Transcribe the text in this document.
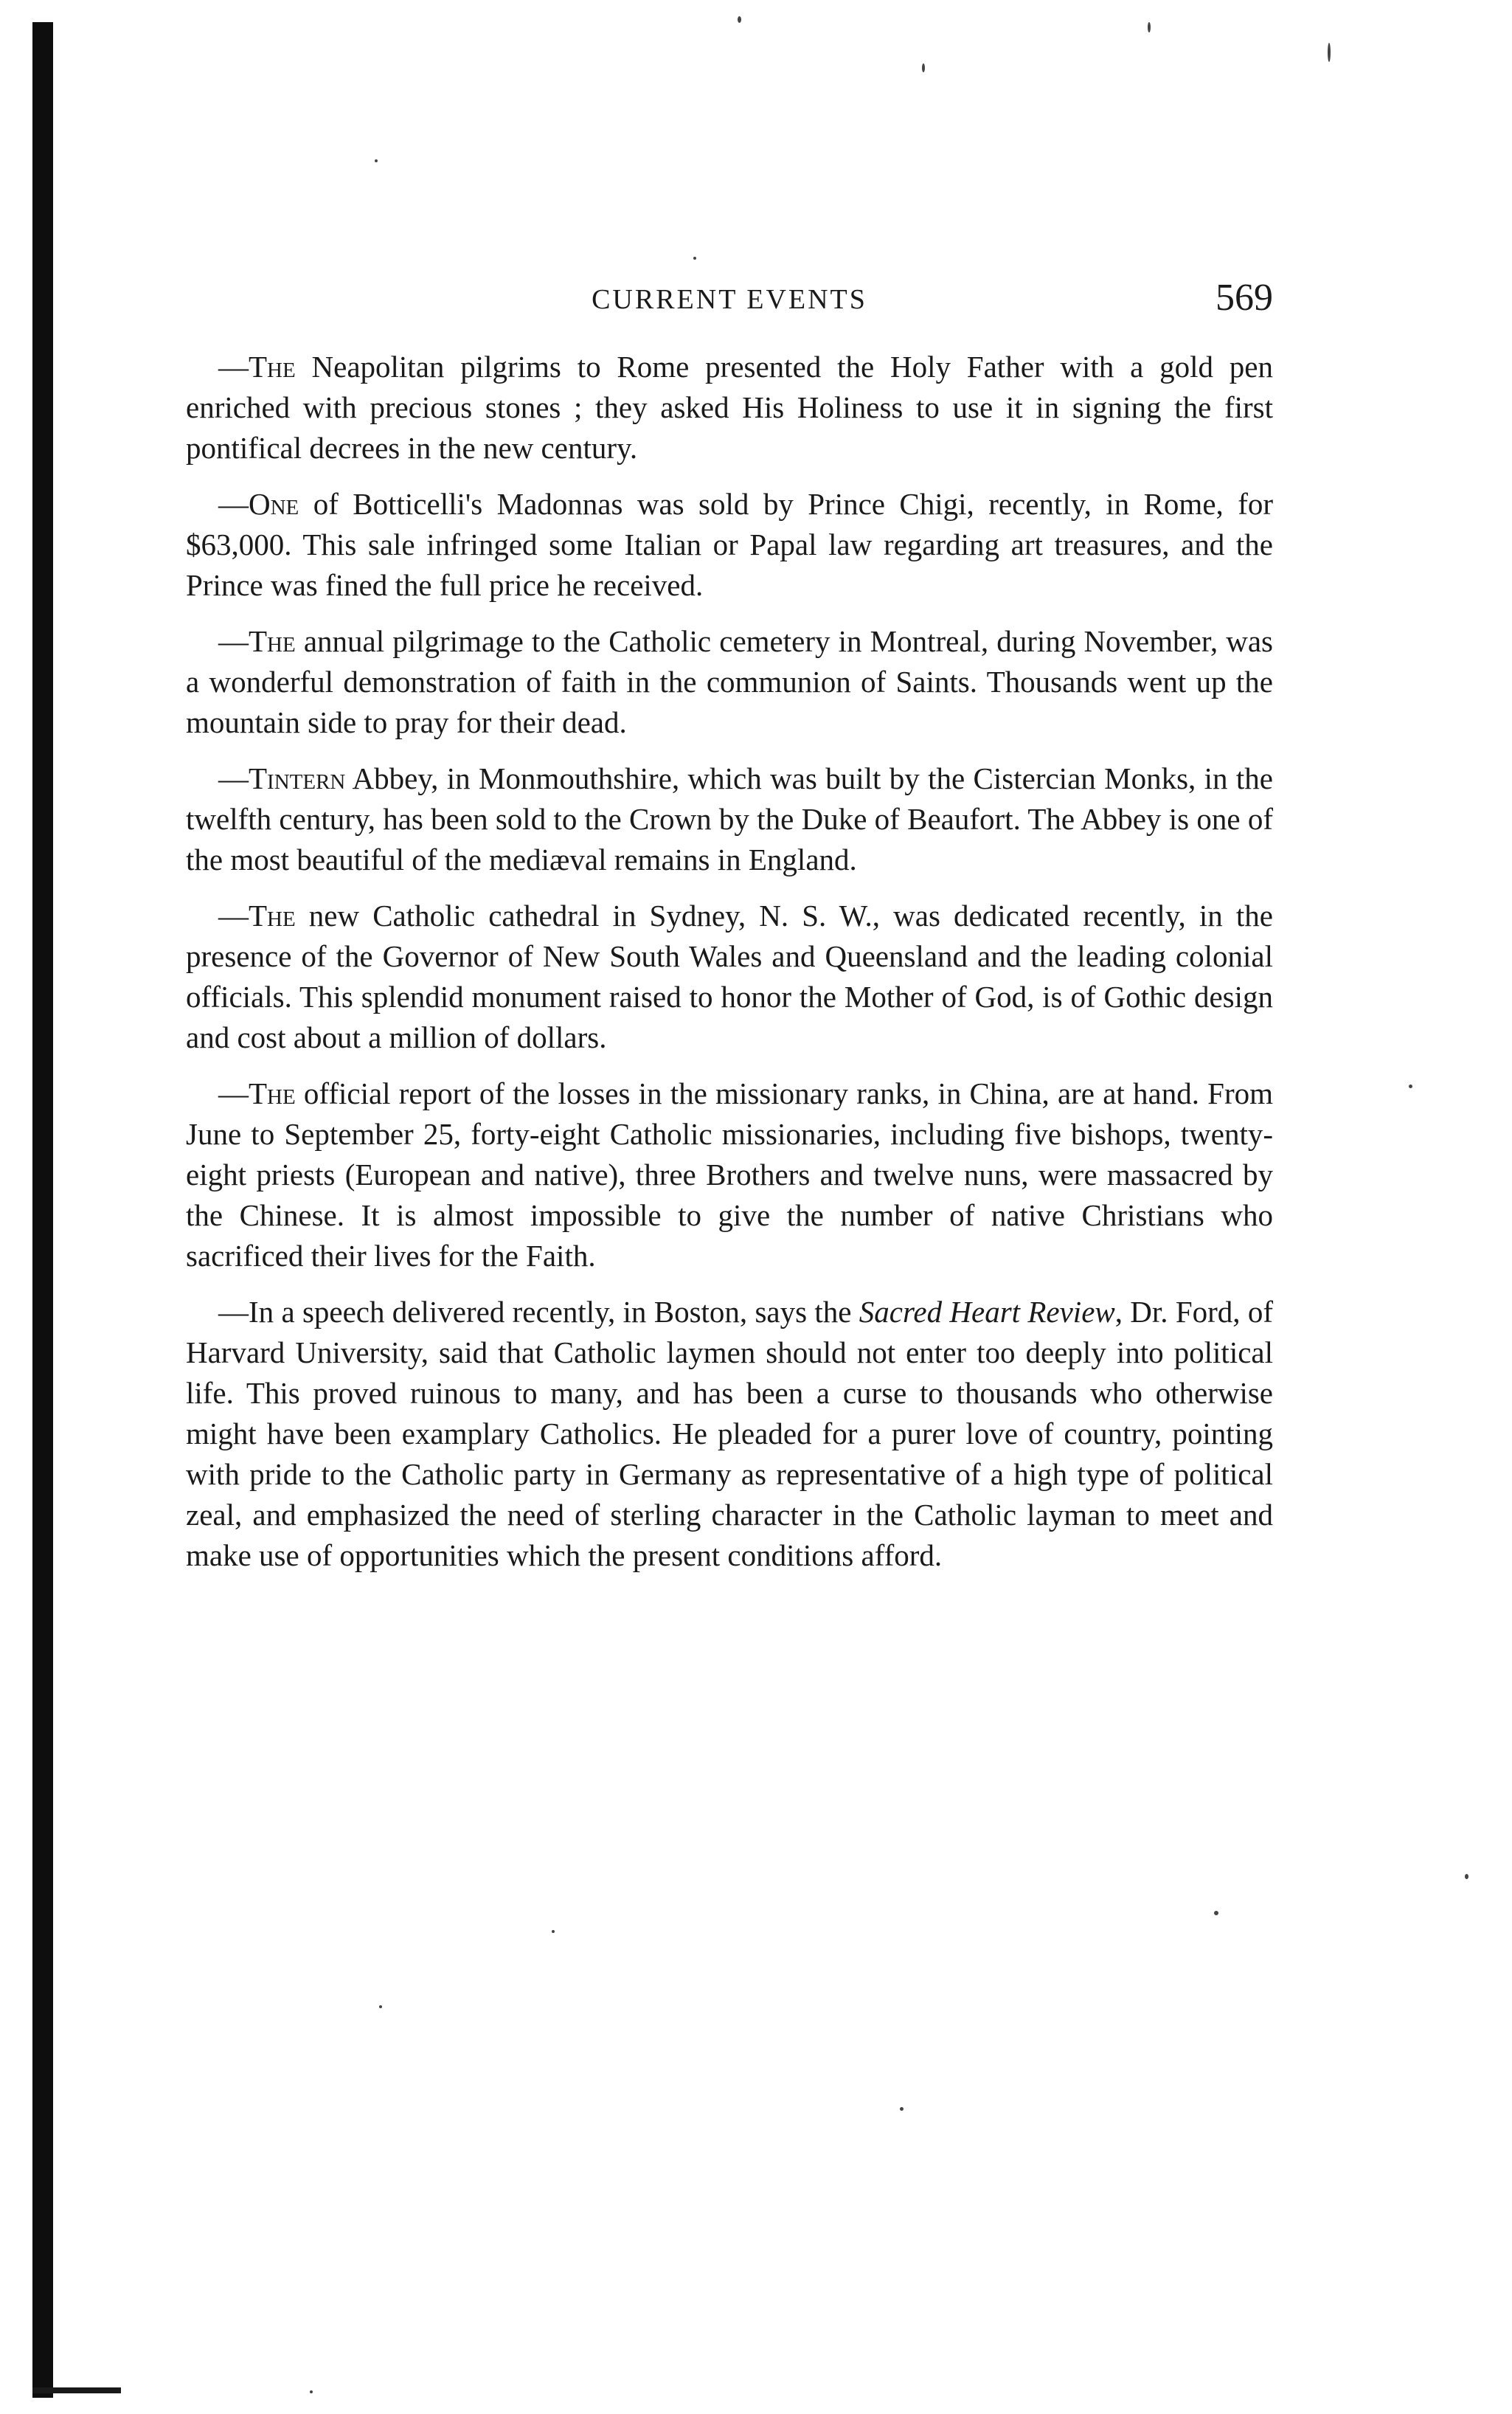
CURRENT EVENTS	569

—The Neapolitan pilgrims to Rome presented the Holy Father with a gold pen enriched with precious stones ; they asked His Holiness to use it in signing the first pontifical decrees in the new century.

—One of Botticelli's Madonnas was sold by Prince Chigi, recently, in Rome, for $63,000. This sale infringed some Italian or Papal law regarding art treasures, and the Prince was fined the full price he received.

—The annual pilgrimage to the Catholic cemetery in Montreal, during November, was a wonderful demonstration of faith in the communion of Saints. Thousands went up the mountain side to pray for their dead.

—Tintern Abbey, in Monmouthshire, which was built by the Cistercian Monks, in the twelfth century, has been sold to the Crown by the Duke of Beaufort. The Abbey is one of the most beautiful of the mediæval remains in England.

—The new Catholic cathedral in Sydney, N. S. W., was dedicated recently, in the presence of the Governor of New South Wales and Queensland and the leading colonial officials. This splendid monument raised to honor the Mother of God, is of Gothic design and cost about a million of dollars.

—The official report of the losses in the missionary ranks, in China, are at hand. From June to September 25, forty-eight Catholic missionaries, including five bishops, twenty-eight priests (European and native), three Brothers and twelve nuns, were massacred by the Chinese. It is almost impossible to give the number of native Christians who sacrificed their lives for the Faith.

—In a speech delivered recently, in Boston, says the Sacred Heart Review, Dr. Ford, of Harvard University, said that Catholic laymen should not enter too deeply into political life. This proved ruinous to many, and has been a curse to thousands who otherwise might have been examplary Catholics. He pleaded for a purer love of country, pointing with pride to the Catholic party in Germany as representative of a high type of political zeal, and emphasized the need of sterling character in the Catholic layman to meet and make use of opportunities which the present conditions afford.
